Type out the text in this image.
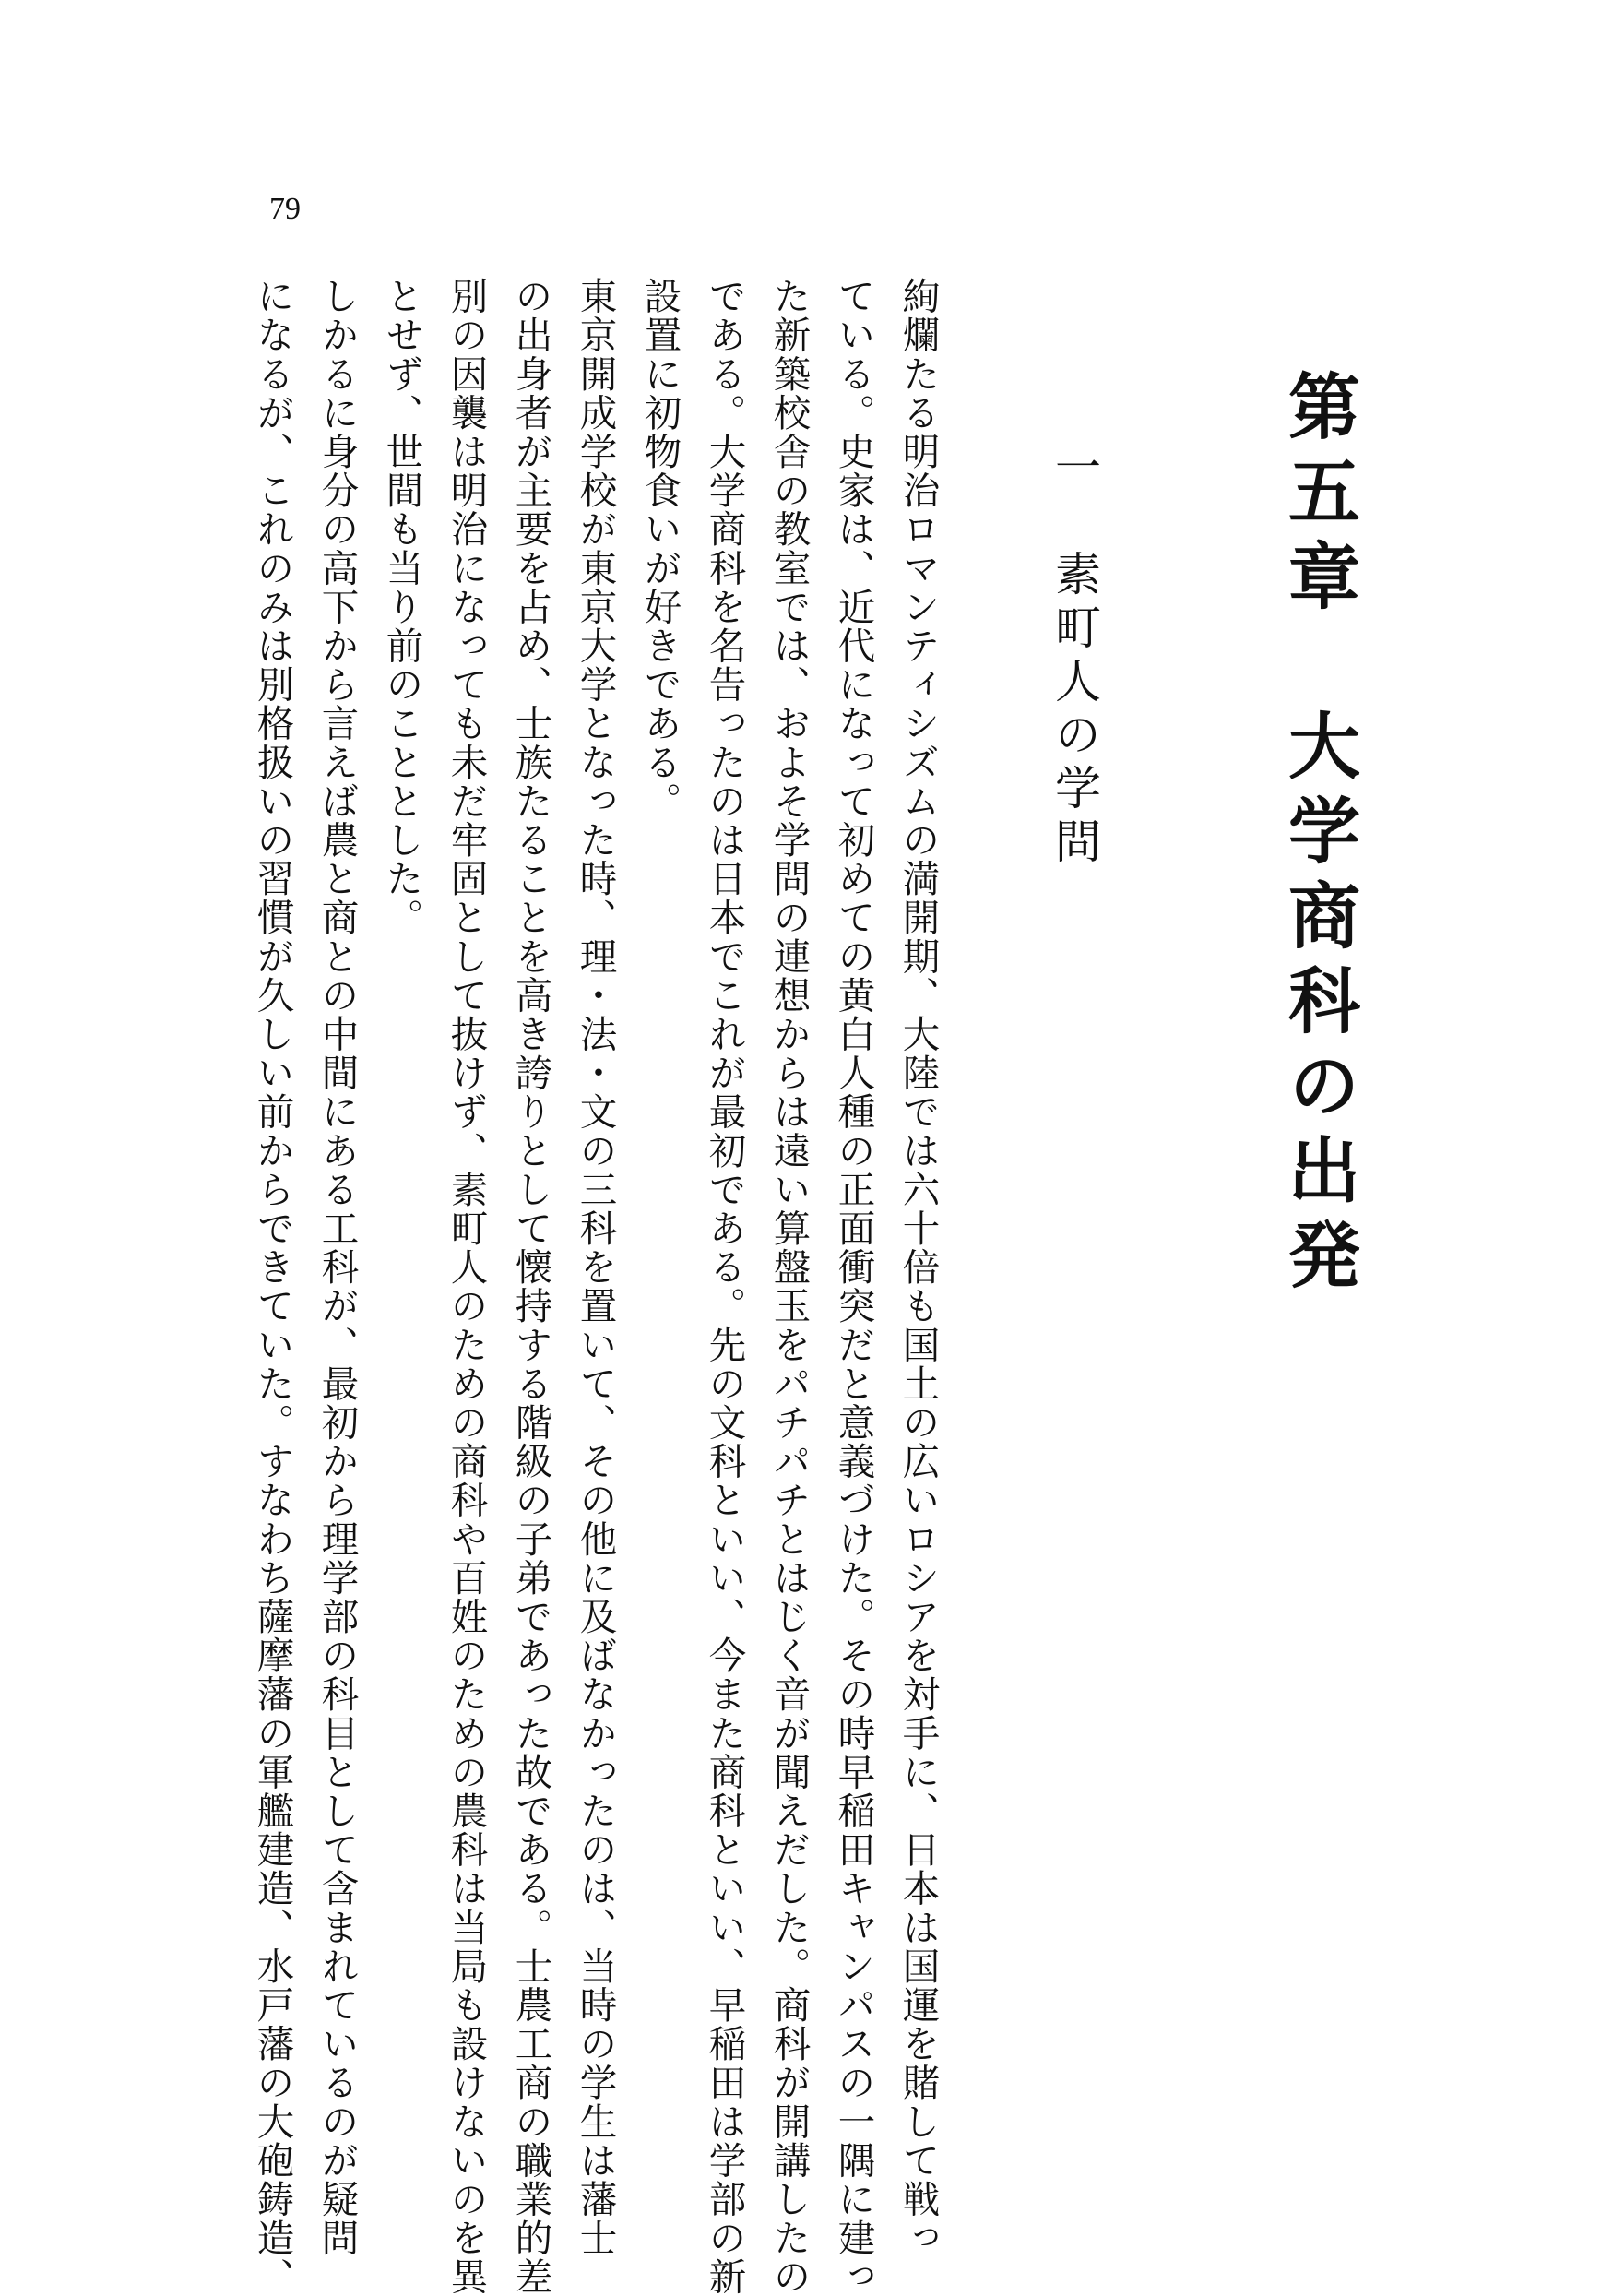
79
第五章　大学商科の出発
一　素町人の学問
絢爛たる明治ロマンティシズムの満開期、大陸では六十倍も国土の広いロシアを対手に、日本は国運を賭して戦っ
ている。史家は、近代になって初めての黄白人種の正面衝突だと意義づけた。その時早稲田キャンパスの一隅に建っ
た新築校舎の教室では、およそ学問の連想からは遠い算盤玉をパチパチとはじく音が聞えだした。商科が開講したの
である。大学商科を名告ったのは日本でこれが最初である。先の文科といい、今また商科といい、早稲田は学部の新
設置に初物食いが好きである。
東京開成学校が東京大学となった時、理・法・文の三科を置いて、その他に及ばなかったのは、当時の学生は藩士
の出身者が主要を占め、士族たることを高き誇りとして懐持する階級の子弟であった故である。士農工商の職業的差
別の因襲は明治になっても未だ牢固として抜けず、素町人のための商科や百姓のための農科は当局も設けないのを異
とせず、世間も当り前のこととした。
しかるに身分の高下から言えば農と商との中間にある工科が、最初から理学部の科目として含まれているのが疑問
になるが、これのみは別格扱いの習慣が久しい前からできていた。すなわち薩摩藩の軍艦建造、水戸藩の大砲鋳造、
